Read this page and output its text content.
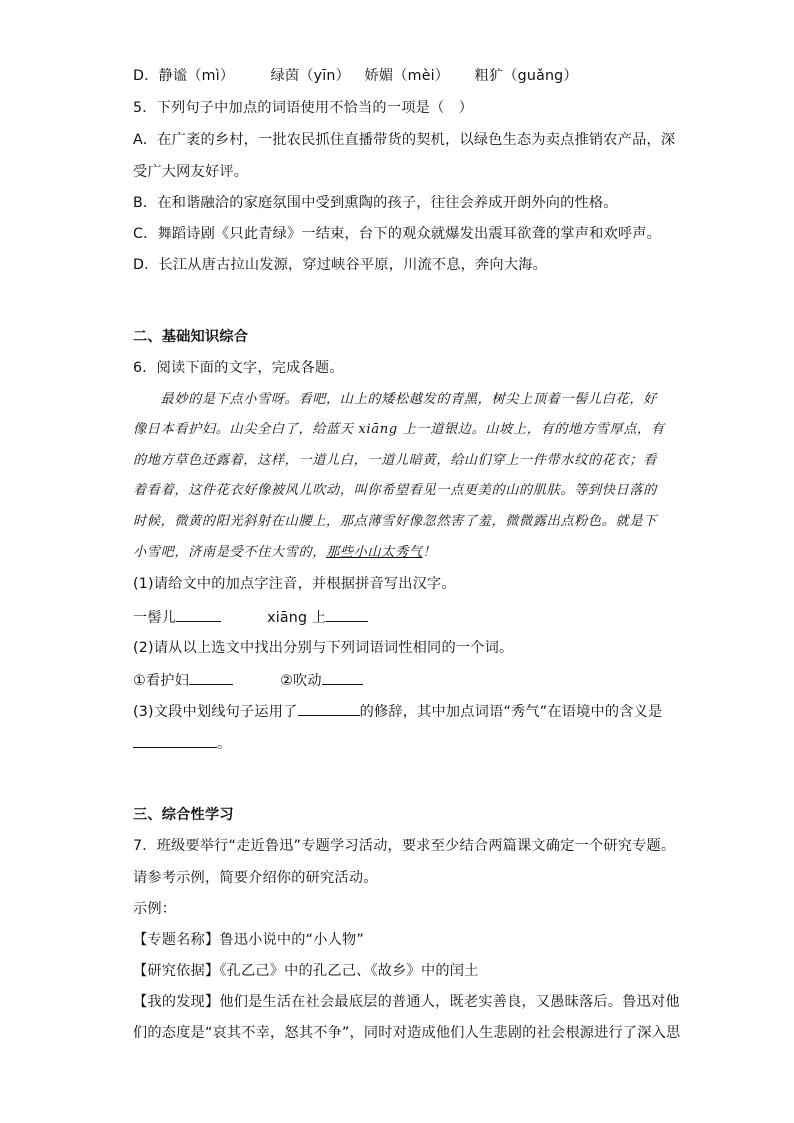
D．静谧（mì）	绿茵（yīn） 娇媚（mèi） 粗犷（guǎng）
5．下列句子中加点的词语使用不恰当的一项是（　）
A．在广袤的乡村，一批农民抓住直播带货的契机，以绿色生态为卖点推销农产品，深
受广大网友好评。
B．在和谐融洽的家庭氛围中受到熏陶的孩子，往往会养成开朗外向的性格。
C．舞蹈诗剧《只此青绿》一结束，台下的观众就爆发出震耳欲聋的掌声和欢呼声。
D．长江从唐古拉山发源，穿过峡谷平原，川流不息，奔向大海。
二、基础知识综合
6．阅读下面的文字，完成各题。
　　最妙的是下点小雪呀。看吧，山上的矮松越发的青黑，树尖上顶着一髻儿白花，好
像日本看护妇。山尖全白了，给蓝天 xiāng 上一道银边。山坡上，有的地方雪厚点，有
的地方草色还露着，这样，一道儿白，一道儿暗黄，给山们穿上一件带水纹的花衣；看
着看着，这件花衣好像被风儿吹动，叫你希望看见一点更美的山的肌肤。等到快日落的
时候，微黄的阳光斜射在山腰上，那点薄雪好像忽然害了羞，微微露出点粉色。就是下
小雪吧，济南是受不住大雪的，那些小山太秀气！
(1)请给文中的加点字注音，并根据拼音写出汉字。
一髻儿	xiāng 上
(2)请从以上选文中找出分别与下列词语词性相同的一个词。
①看护妇	②吹动
(3)文段中划线句子运用了	的修辞，其中加点词语“秀气”在语境中的含义是
。
三、综合性学习
7．班级要举行“走近鲁迅”专题学习活动，要求至少结合两篇课文确定一个研究专题。
请参考示例，简要介绍你的研究活动。
示例：
【专题名称】鲁迅小说中的“小人物”
【研究依据】《孔乙己》中的孔乙己、《故乡》中的闰土
【我的发现】他们是生活在社会最底层的普通人，既老实善良，又愚昧落后。鲁迅对他
们的态度是“哀其不幸，怒其不争”，同时对造成他们人生悲剧的社会根源进行了深入思
